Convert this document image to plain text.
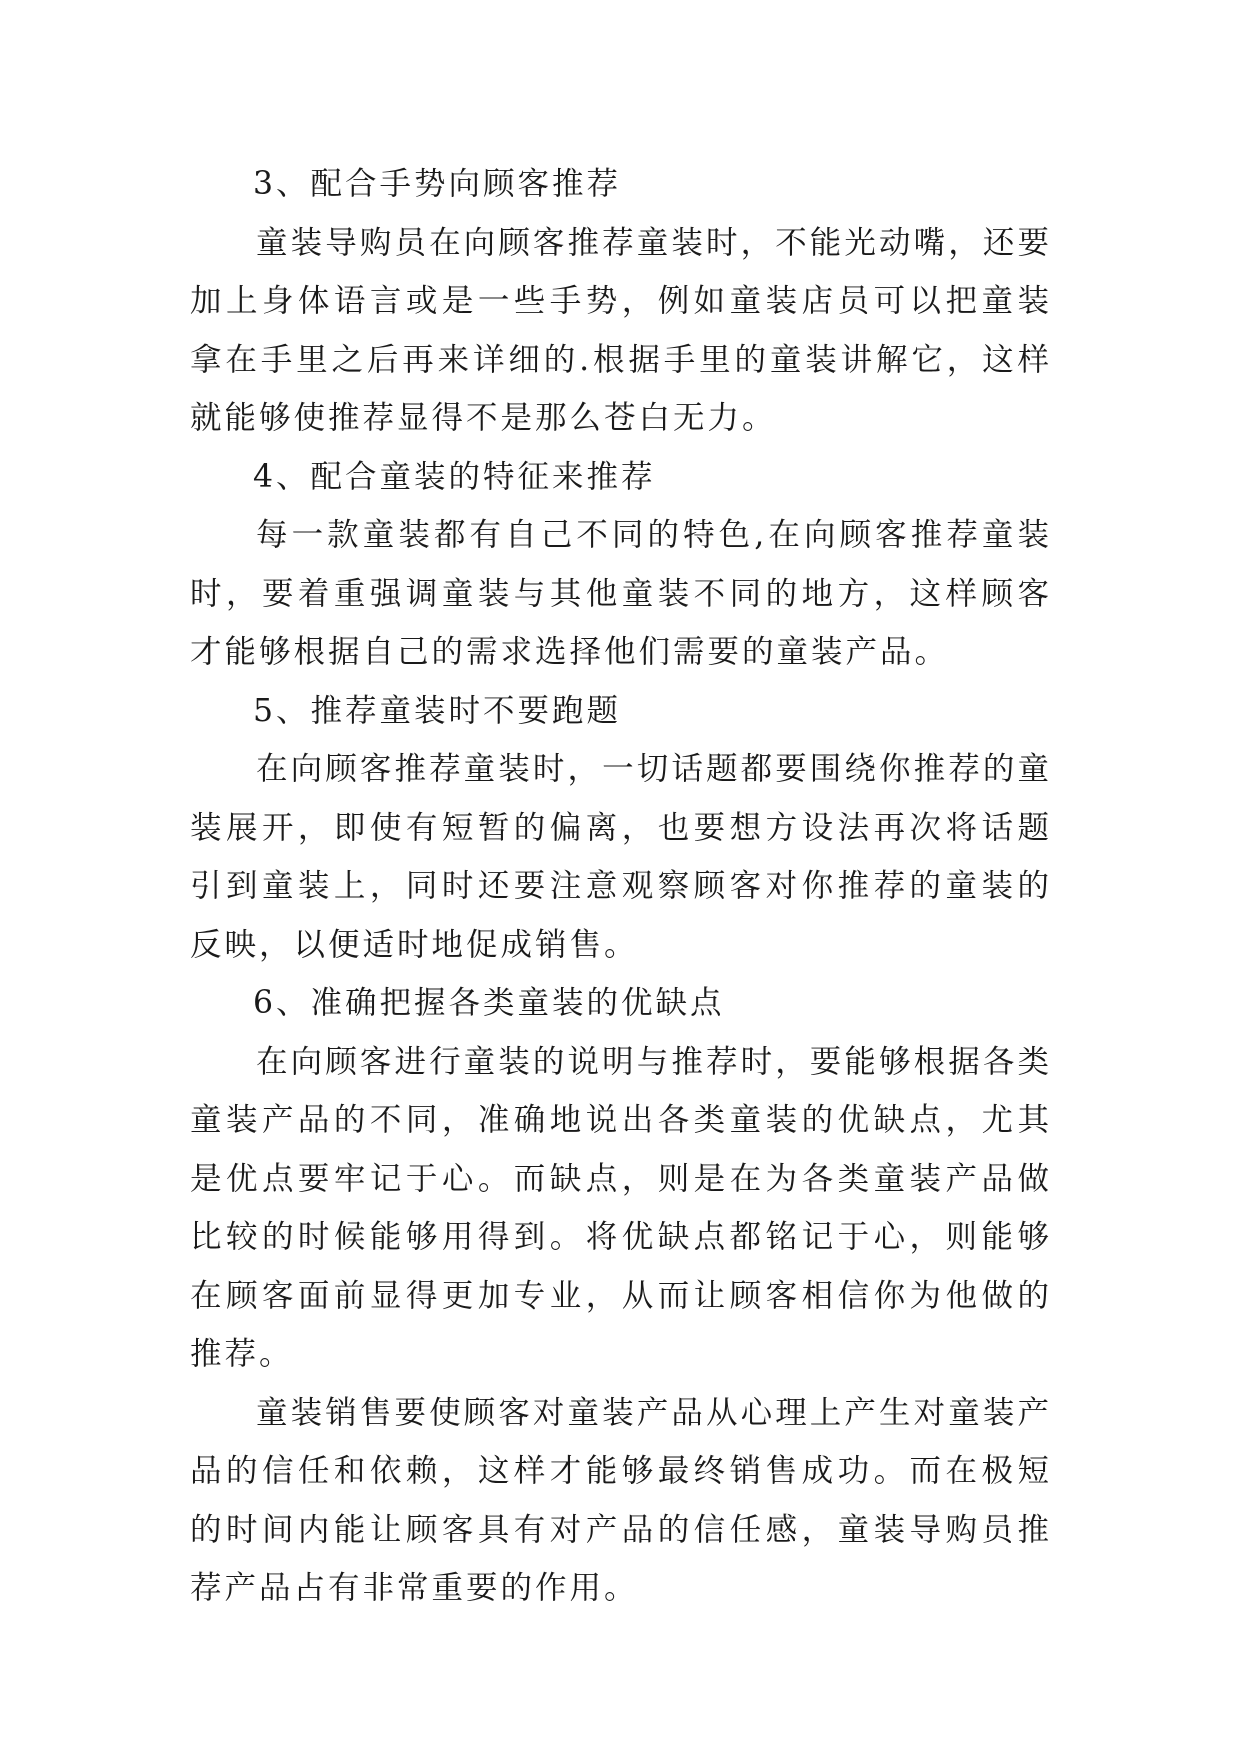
3、配合手势向顾客推荐

童装导购员在向顾客推荐童装时，不能光动嘴，还要加上身体语言或是一些手势，例如童装店员可以把童装拿在手里之后再来详细的.根据手里的童装讲解它，这样就能够使推荐显得不是那么苍白无力。

4、配合童装的特征来推荐

每一款童装都有自己不同的特色,在向顾客推荐童装时，要着重强调童装与其他童装不同的地方，这样顾客才能够根据自己的需求选择他们需要的童装产品。

5、推荐童装时不要跑题

在向顾客推荐童装时，一切话题都要围绕你推荐的童装展开，即使有短暂的偏离，也要想方设法再次将话题引到童装上，同时还要注意观察顾客对你推荐的童装的反映，以便适时地促成销售。

6、准确把握各类童装的优缺点

在向顾客进行童装的说明与推荐时，要能够根据各类童装产品的不同，准确地说出各类童装的优缺点，尤其是优点要牢记于心。而缺点，则是在为各类童装产品做比较的时候能够用得到。将优缺点都铭记于心，则能够在顾客面前显得更加专业，从而让顾客相信你为他做的推荐。

童装销售要使顾客对童装产品从心理上产生对童装产品的信任和依赖，这样才能够最终销售成功。而在极短的时间内能让顾客具有对产品的信任感，童装导购员推荐产品占有非常重要的作用。
